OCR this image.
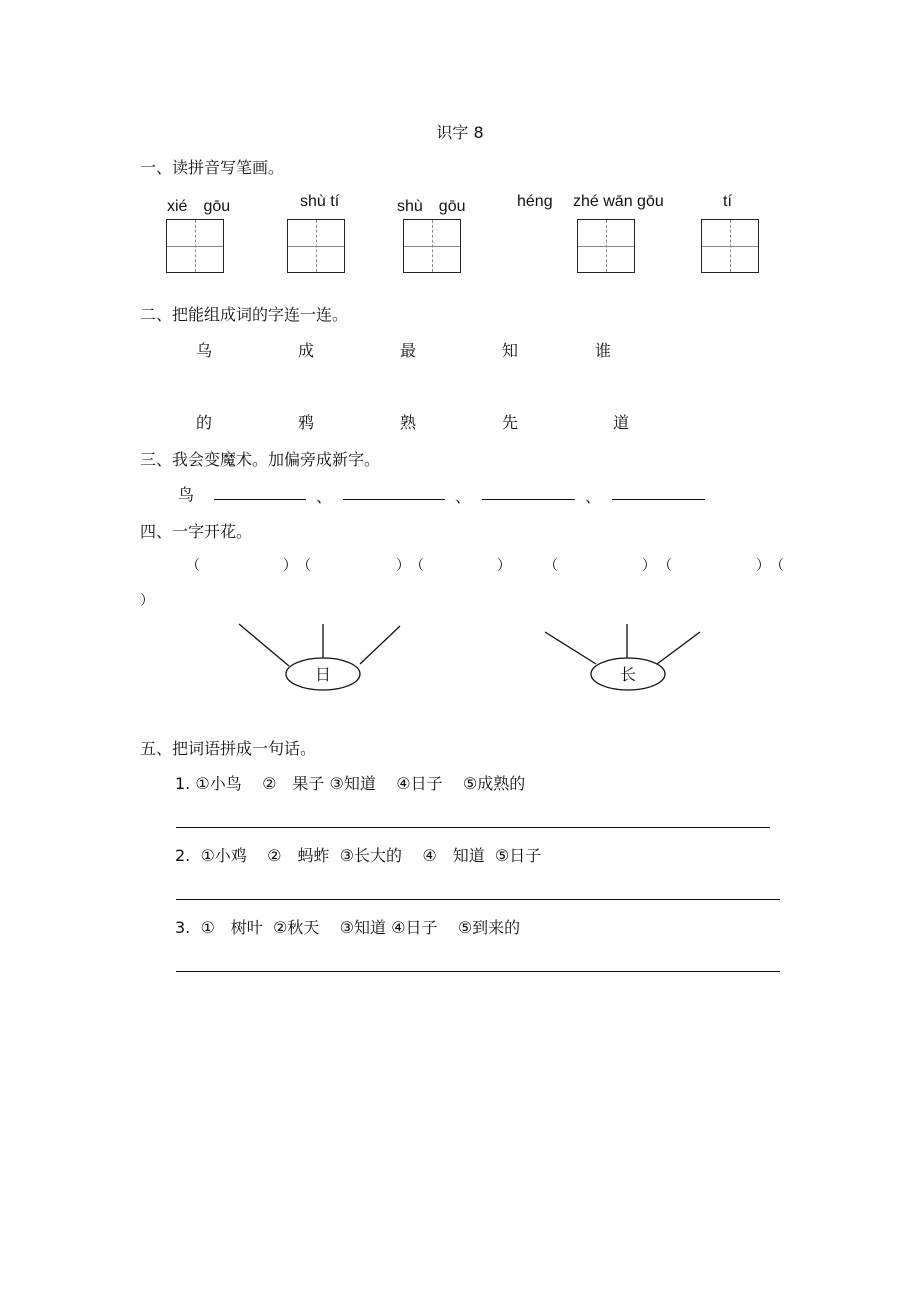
识字 8
一、读拼音写笔画。
xié　gōu	shù tí	shù　gōu	héng zhé wān gōu	tí
二、把能组成词的字连一连。
乌	成	最	知	谁
的	鸦	熟	先	道
三、我会变魔术。加偏旁成新字。
鸟	、	、	、
四、一字开花。
（	） （	） （	） （	） （	） （
）
日	长
五、把词语拼成一句话。
1. ①小鸟 ②　果子 ③知道 ④日子 ⑤成熟的
2. ①小鸡 ②　蚂蚱 ③长大的 ④　知道 ⑤日子
3. ①　树叶 ②秋天 ③知道 ④日子 ⑤到来的
